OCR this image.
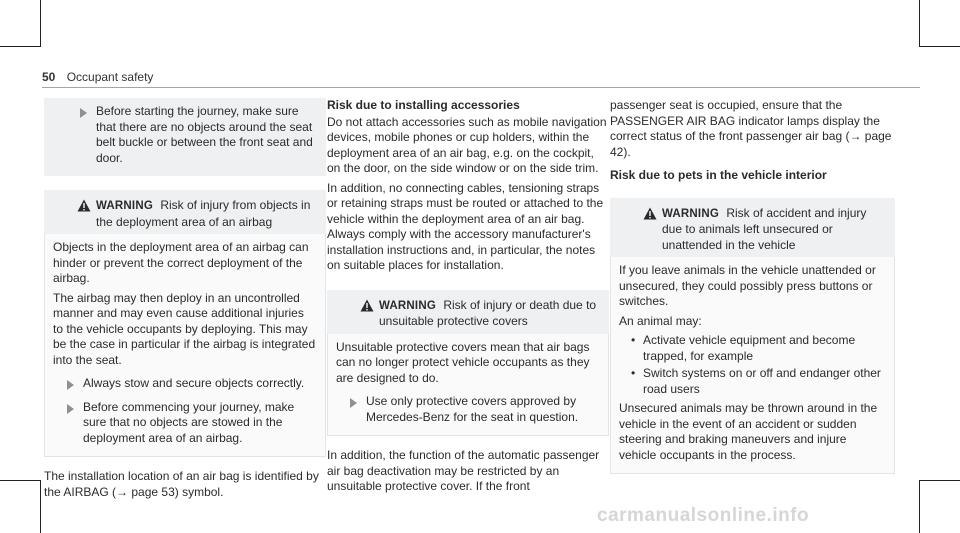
50 Occupant safety
Before starting the journey, make sure that there are no objects around the seat belt buckle or between the front seat and door.
WARNING Risk of injury from objects in the deployment area of an airbag

Objects in the deployment area of an airbag can hinder or prevent the correct deployment of the airbag.

The airbag may then deploy in an uncontrolled manner and may even cause additional injuries to the vehicle occupants by deploying. This may be the case in particular if the airbag is integrated into the seat.

Always stow and secure objects correctly.
Before commencing your journey, make sure that no objects are stowed in the deployment area of an airbag.

The installation location of an air bag is identified by the AIRBAG (→ page 53) symbol.

Risk due to installing accessories

Do not attach accessories such as mobile navigation devices, mobile phones or cup holders, within the deployment area of an air bag, e.g. on the cockpit, on the door, on the side window or on the side trim.

In addition, no connecting cables, tensioning straps or retaining straps must be routed or attached to the vehicle within the deployment area of an air bag. Always comply with the accessory manufacturer's installation instructions and, in particular, the notes on suitable places for installation.

WARNING Risk of injury or death due to unsuitable protective covers

Unsuitable protective covers mean that air bags can no longer protect vehicle occupants as they are designed to do.

Use only protective covers approved by Mercedes-Benz for the seat in question.

In addition, the function of the automatic passenger air bag deactivation may be restricted by an unsuitable protective cover. If the front

passenger seat is occupied, ensure that the PASSENGER AIR BAG indicator lamps display the correct status of the front passenger air bag (→ page 42).

Risk due to pets in the vehicle interior

WARNING Risk of accident and injury due to animals left unsecured or unattended in the vehicle

If you leave animals in the vehicle unattended or unsecured, they could possibly press buttons or switches.

An animal may:

• Activate vehicle equipment and become trapped, for example
• Switch systems on or off and endanger other road users

Unsecured animals may be thrown around in the vehicle in the event of an accident or sudden steering and braking maneuvers and injure vehicle occupants in the process.

carmanualsonline.info
